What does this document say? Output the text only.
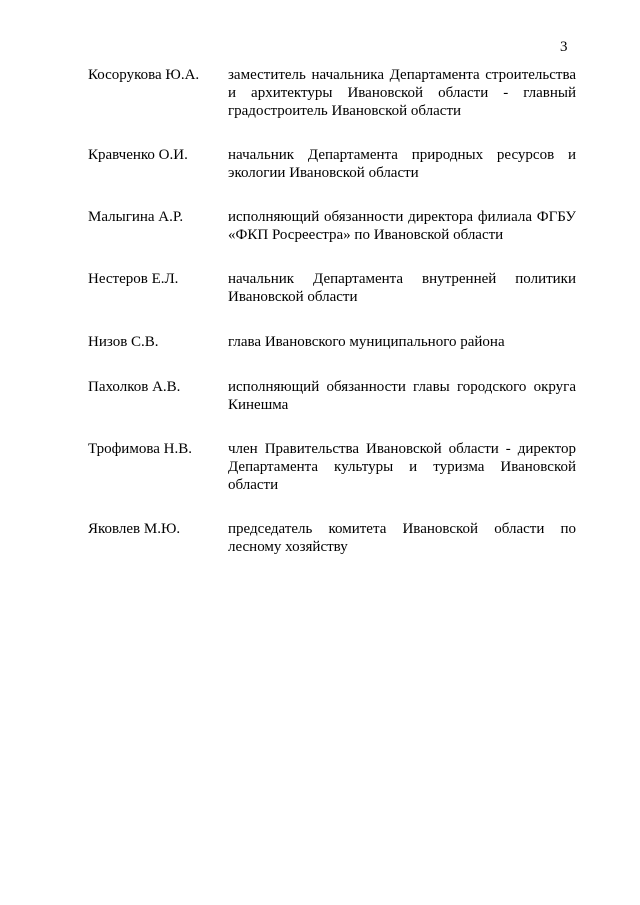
3
Косорукова Ю.А. заместитель начальника Департамента строительства
и архитектуры Ивановской области - главный
градостроитель Ивановской области
Кравченко О.И.	начальник Департамента природных ресурсов и
экологии Ивановской области
Малыгина А.Р.	исполняющий обязанности директора филиала ФГБУ
«ФКП Росреестра» по Ивановской области
Нестеров Е.Л.	начальник Департамента внутренней политики
Ивановской области
Низов С.В.	глава Ивановского муниципального района
Пахолков А.В.	исполняющий обязанности главы городского округа
Кинешма
Трофимова Н.В. член Правительства Ивановской области - директор
Департамента культуры и туризма Ивановской
области
Яковлев М.Ю.	председатель комитета Ивановской области по
лесному хозяйству
